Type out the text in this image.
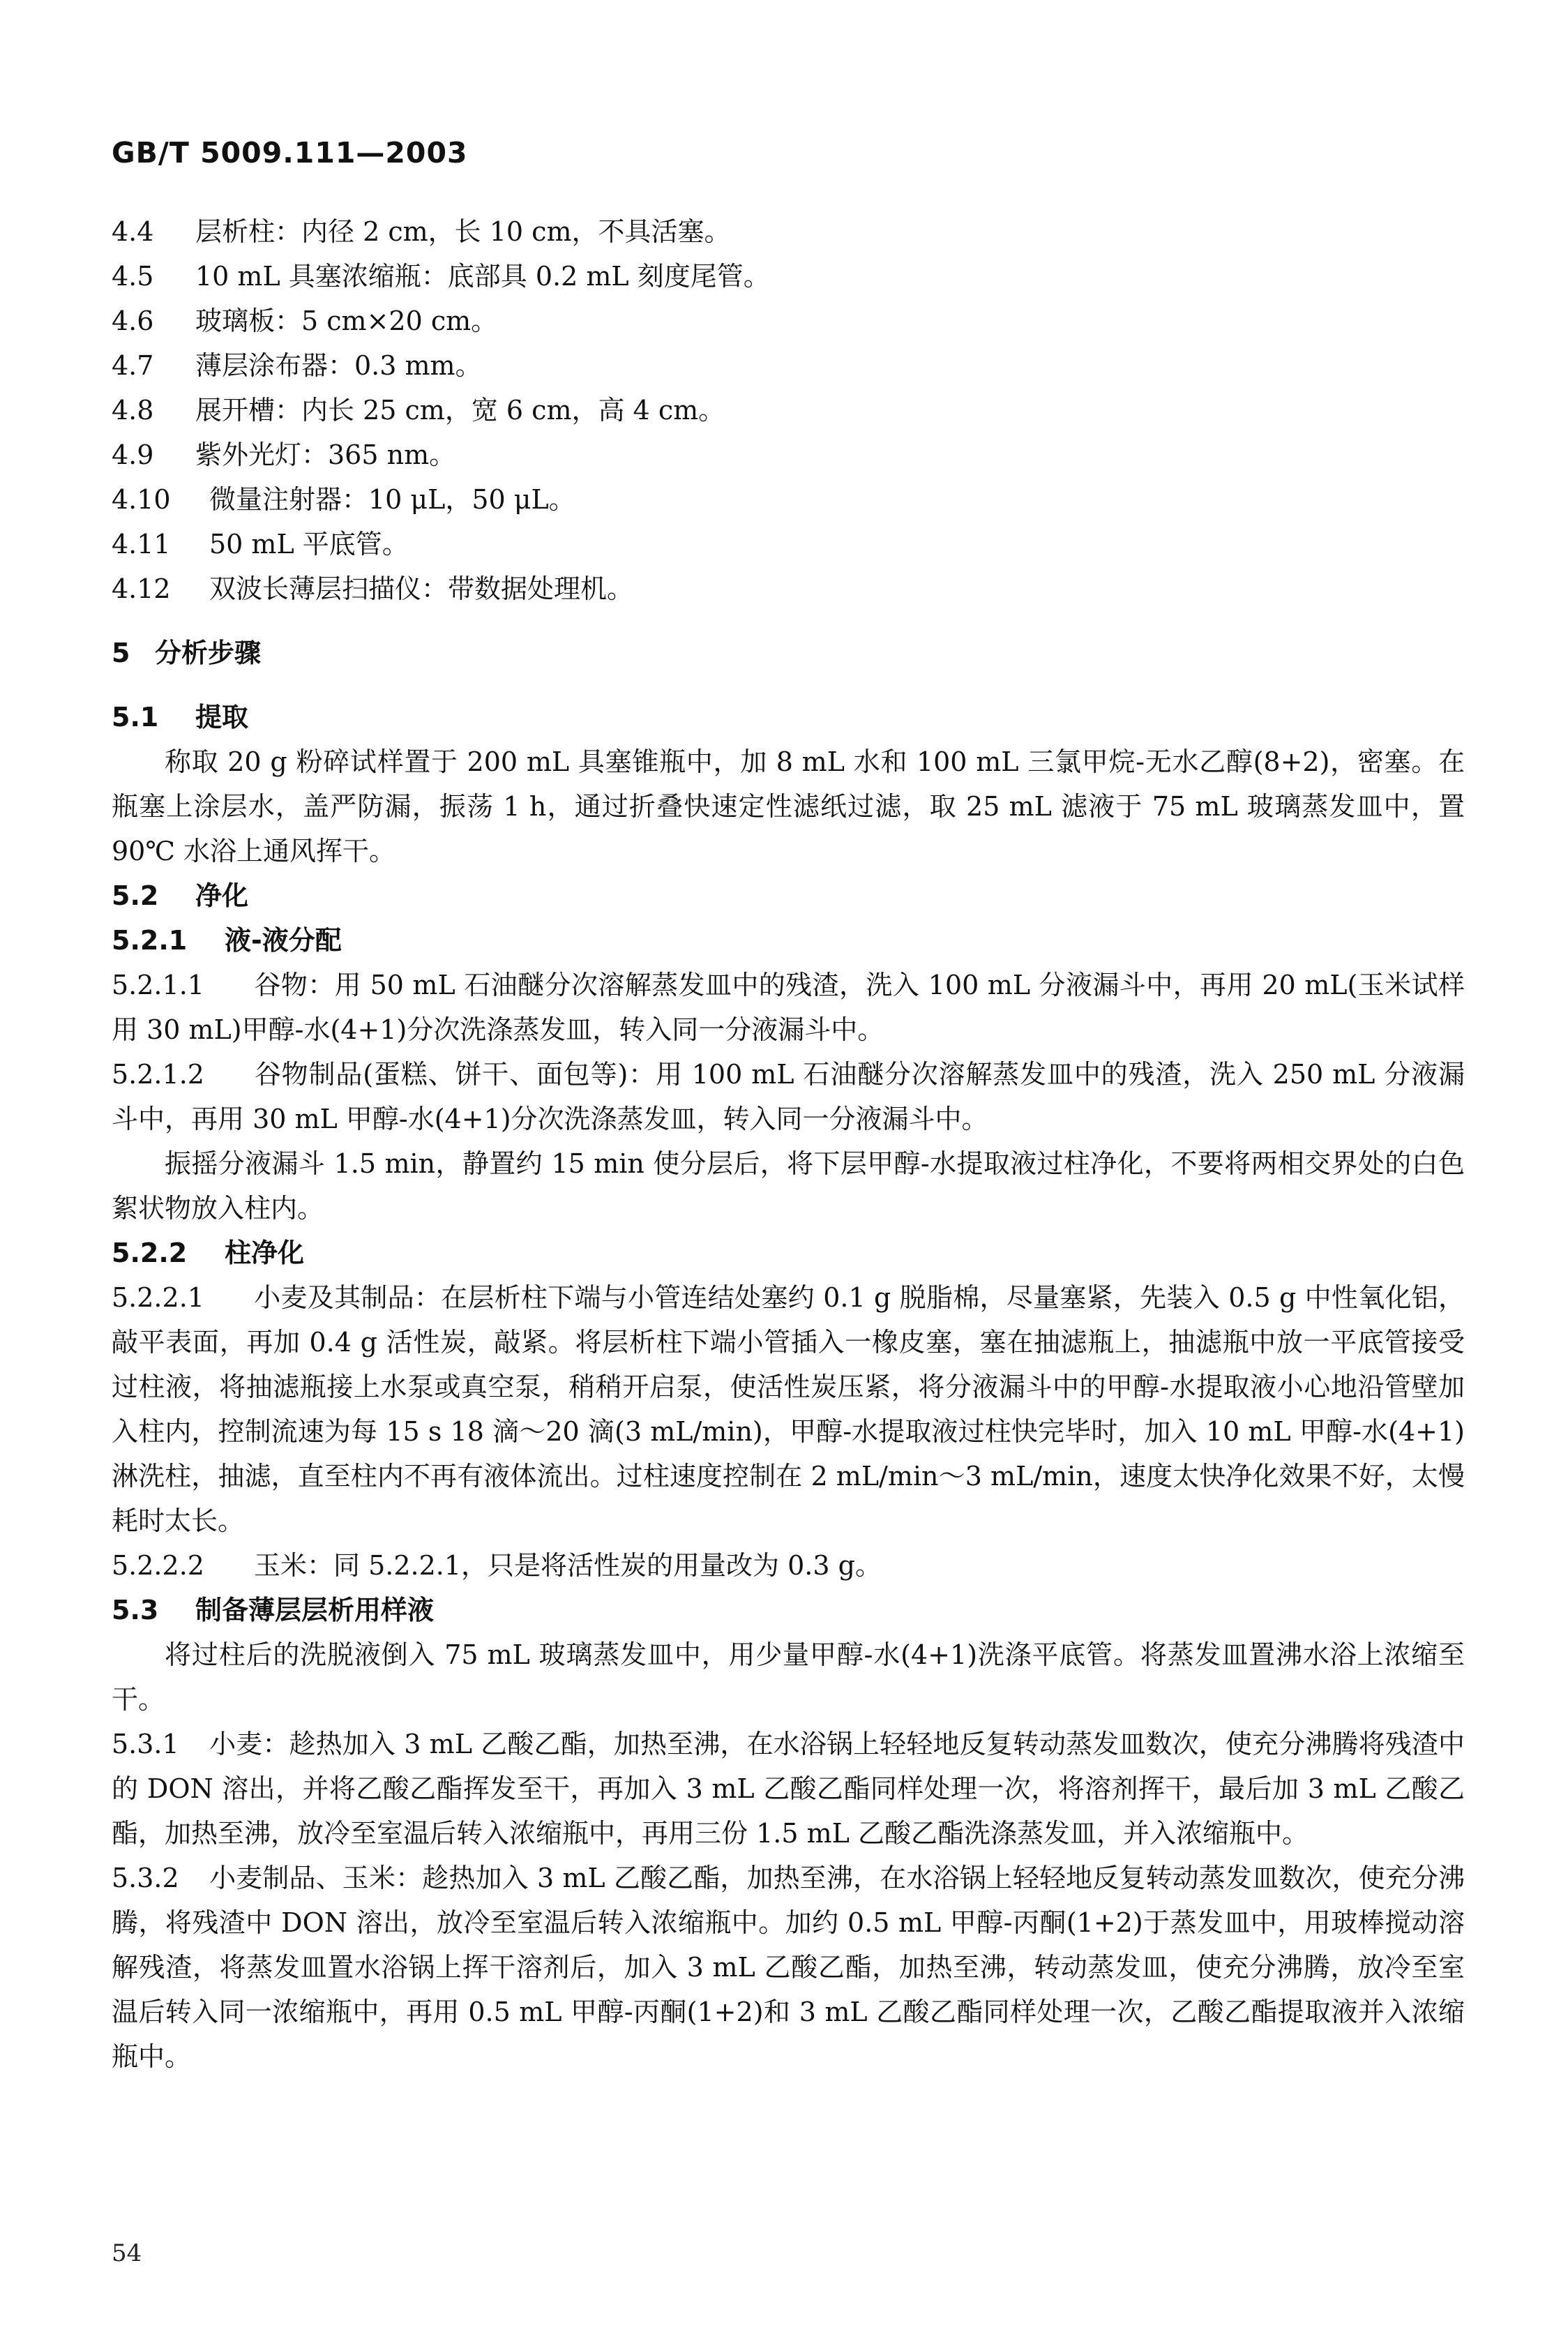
GB/T 5009.111—2003
4.4 层析柱：内径 2 cm，长 10 cm，不具活塞。
4.5 10 mL 具塞浓缩瓶：底部具 0.2 mL 刻度尾管。
4.6 玻璃板：5 cm×20 cm。
4.7 薄层涂布器：0.3 mm。
4.8 展开槽：内长 25 cm，宽 6 cm，高 4 cm。
4.9 紫外光灯：365 nm。
4.10 微量注射器：10 μL，50 μL。
4.11 50 mL 平底管。
4.12 双波长薄层扫描仪：带数据处理机。
5 分析步骤
5.1 提取
称取 20 g 粉碎试样置于 200 mL 具塞锥瓶中，加 8 mL 水和 100 mL 三氯甲烷-无水乙醇(8+2)，密塞。在瓶塞上涂层水，盖严防漏，振荡 1 h，通过折叠快速定性滤纸过滤，取 25 mL 滤液于 75 mL 玻璃蒸发皿中，置 90℃ 水浴上通风挥干。
5.2 净化
5.2.1 液-液分配
5.2.1.1 谷物：用 50 mL 石油醚分次溶解蒸发皿中的残渣，洗入 100 mL 分液漏斗中，再用 20 mL(玉米试样用 30 mL)甲醇-水(4+1)分次洗涤蒸发皿，转入同一分液漏斗中。
5.2.1.2 谷物制品(蛋糕、饼干、面包等)：用 100 mL 石油醚分次溶解蒸发皿中的残渣，洗入 250 mL 分液漏斗中，再用 30 mL 甲醇-水(4+1)分次洗涤蒸发皿，转入同一分液漏斗中。
振摇分液漏斗 1.5 min，静置约 15 min 使分层后，将下层甲醇-水提取液过柱净化，不要将两相交界处的白色絮状物放入柱内。
5.2.2 柱净化
5.2.2.1 小麦及其制品：在层析柱下端与小管连结处塞约 0.1 g 脱脂棉，尽量塞紧，先装入 0.5 g 中性氧化铝，敲平表面，再加 0.4 g 活性炭，敲紧。将层析柱下端小管插入一橡皮塞，塞在抽滤瓶上，抽滤瓶中放一平底管接受过柱液，将抽滤瓶接上水泵或真空泵，稍稍开启泵，使活性炭压紧，将分液漏斗中的甲醇-水提取液小心地沿管壁加入柱内，控制流速为每 15 s 18 滴～20 滴(3 mL/min)，甲醇-水提取液过柱快完毕时，加入 10 mL 甲醇-水(4+1)淋洗柱，抽滤，直至柱内不再有液体流出。过柱速度控制在 2 mL/min～3 mL/min，速度太快净化效果不好，太慢耗时太长。
5.2.2.2 玉米：同 5.2.2.1，只是将活性炭的用量改为 0.3 g。
5.3 制备薄层层析用样液
将过柱后的洗脱液倒入 75 mL 玻璃蒸发皿中，用少量甲醇-水(4+1)洗涤平底管。将蒸发皿置沸水浴上浓缩至干。
5.3.1 小麦：趁热加入 3 mL 乙酸乙酯，加热至沸，在水浴锅上轻轻地反复转动蒸发皿数次，使充分沸腾将残渣中的 DON 溶出，并将乙酸乙酯挥发至干，再加入 3 mL 乙酸乙酯同样处理一次，将溶剂挥干，最后加 3 mL 乙酸乙酯，加热至沸，放冷至室温后转入浓缩瓶中，再用三份 1.5 mL 乙酸乙酯洗涤蒸发皿，并入浓缩瓶中。
5.3.2 小麦制品、玉米：趁热加入 3 mL 乙酸乙酯，加热至沸，在水浴锅上轻轻地反复转动蒸发皿数次，使充分沸腾，将残渣中 DON 溶出，放冷至室温后转入浓缩瓶中。加约 0.5 mL 甲醇-丙酮(1+2)于蒸发皿中，用玻棒搅动溶解残渣，将蒸发皿置水浴锅上挥干溶剂后，加入 3 mL 乙酸乙酯，加热至沸，转动蒸发皿，使充分沸腾，放冷至室温后转入同一浓缩瓶中，再用 0.5 mL 甲醇-丙酮(1+2)和 3 mL 乙酸乙酯同样处理一次，乙酸乙酯提取液并入浓缩瓶中。
54
